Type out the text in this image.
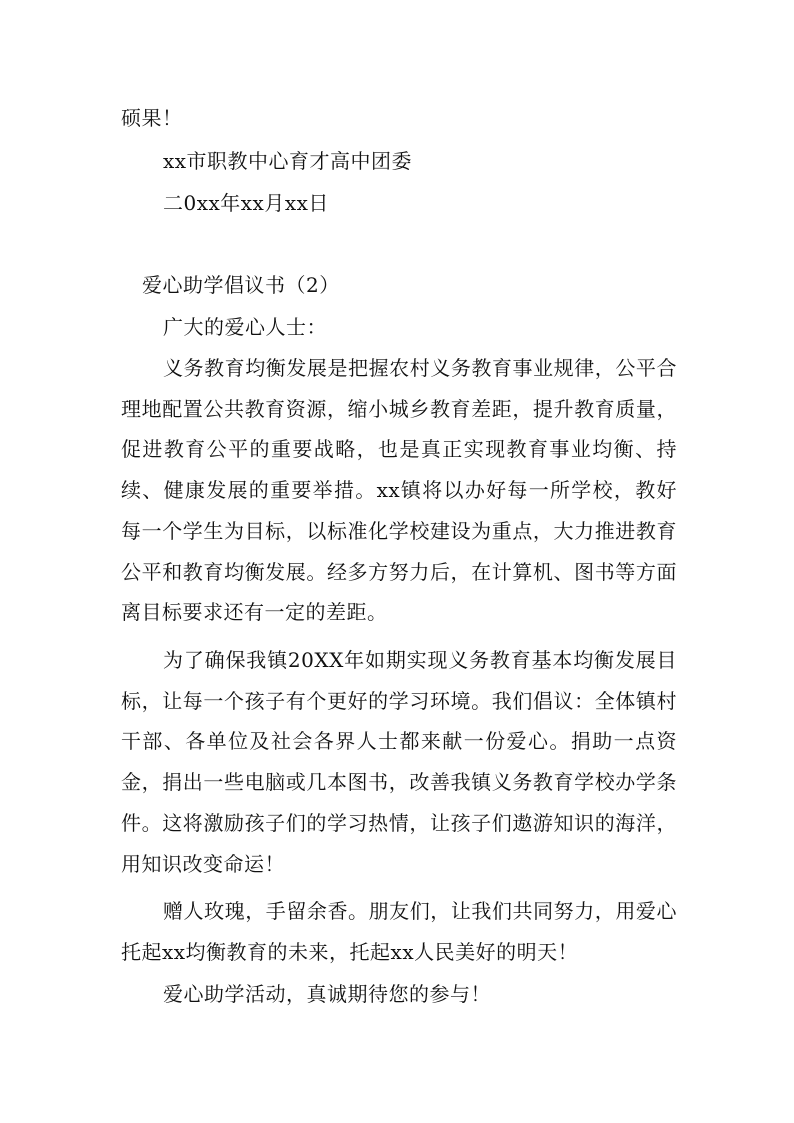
硕果！

xx市职教中心育才高中团委

二0xx年xx月xx日

爱心助学倡议书（2）

广大的爱心人士：

义务教育均衡发展是把握农村义务教育事业规律，公平合理地配置公共教育资源，缩小城乡教育差距，提升教育质量，促进教育公平的重要战略，也是真正实现教育事业均衡、持续、健康发展的重要举措。xx镇将以办好每一所学校，教好每一个学生为目标，以标准化学校建设为重点，大力推进教育公平和教育均衡发展。经多方努力后，在计算机、图书等方面离目标要求还有一定的差距。

为了确保我镇20XX年如期实现义务教育基本均衡发展目标，让每一个孩子有个更好的学习环境。我们倡议：全体镇村干部、各单位及社会各界人士都来献一份爱心。捐助一点资金，捐出一些电脑或几本图书，改善我镇义务教育学校办学条件。这将激励孩子们的学习热情，让孩子们遨游知识的海洋，用知识改变命运！

赠人玫瑰，手留余香。朋友们，让我们共同努力，用爱心托起xx均衡教育的未来，托起xx人民美好的明天！

爱心助学活动，真诚期待您的参与！
